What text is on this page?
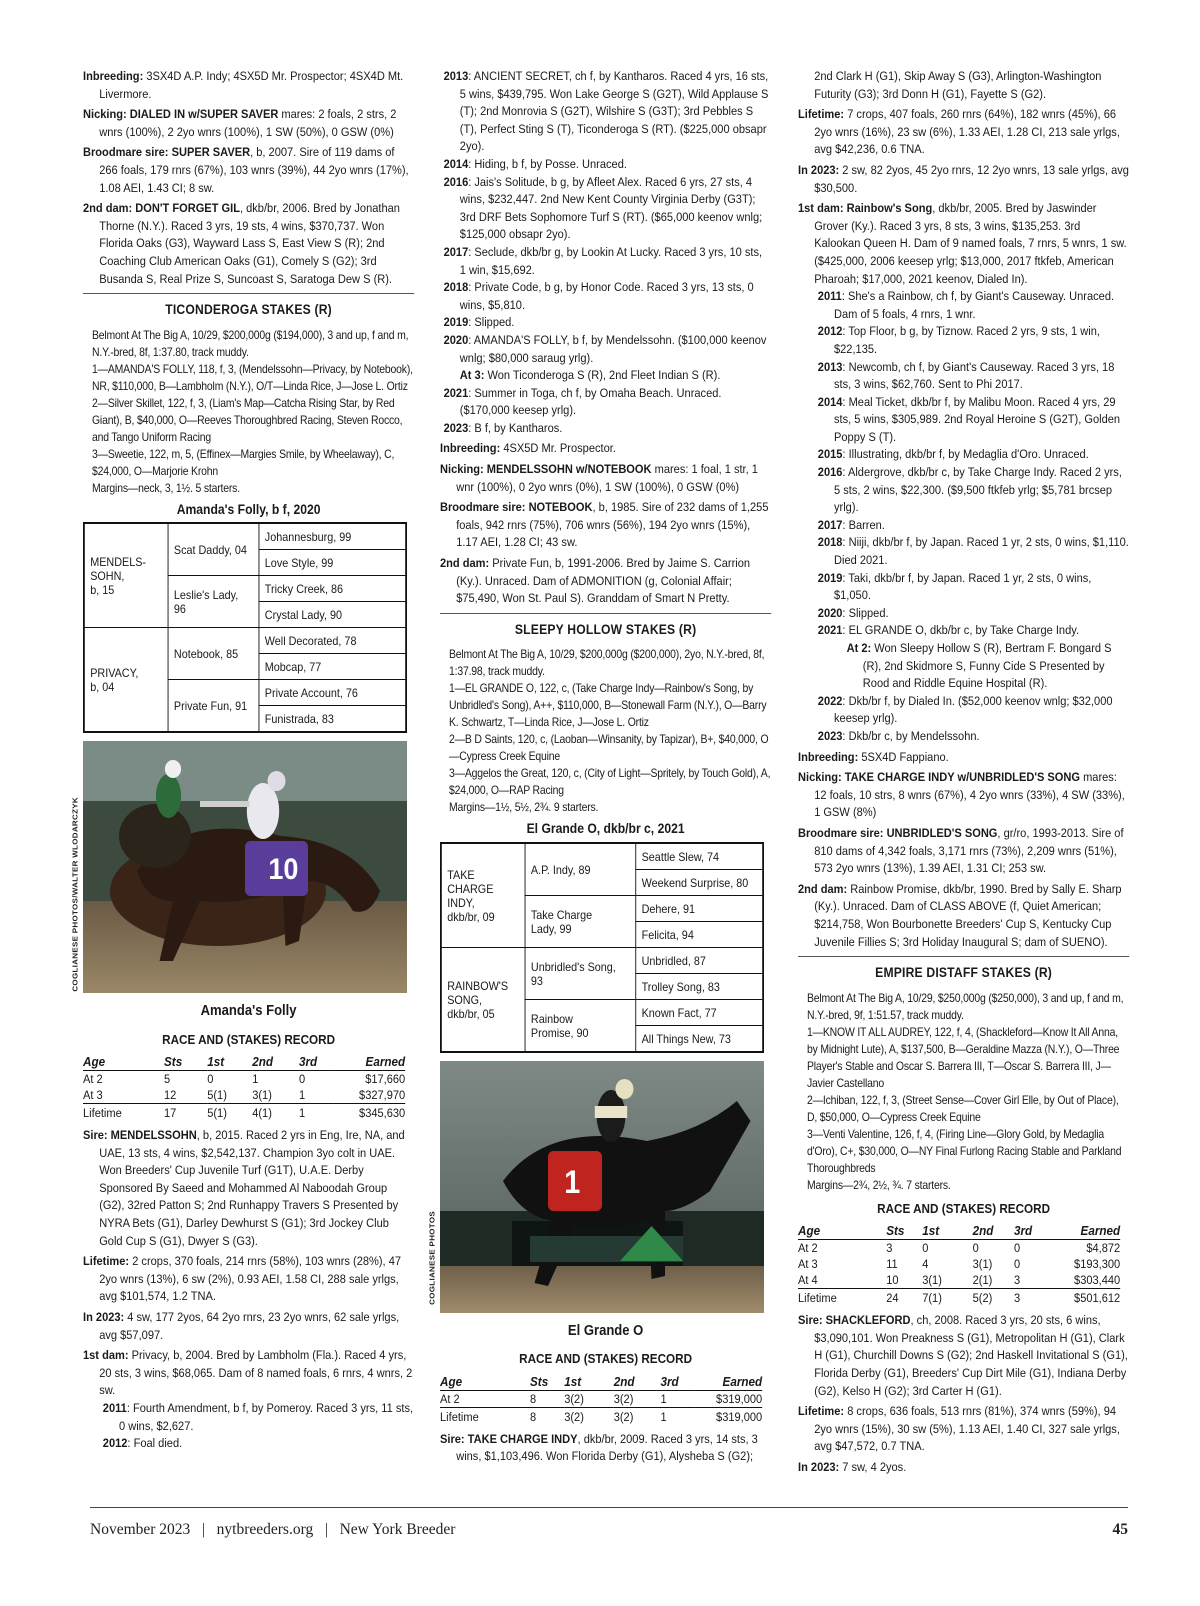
Inbreeding: 3SX4D A.P. Indy; 4SX5D Mr. Prospector; 4SX4D Mt. Livermore.

Nicking: DIALED IN w/SUPER SAVER mares: 2 foals, 2 strs, 2 wnrs (100%), 2 2yo wnrs (100%), 1 SW (50%), 0 GSW (0%)

Broodmare sire: SUPER SAVER, b, 2007. Sire of 119 dams of 266 foals, 179 rnrs (67%), 103 wnrs (39%), 44 2yo wnrs (17%), 1.08 AEI, 1.43 CI; 8 sw.

2nd dam: DON'T FORGET GIL, dkb/br, 2006. Bred by Jonathan Thorne (N.Y.). Raced 3 yrs, 19 sts, 4 wins, $370,737. Won Florida Oaks (G3), Wayward Lass S, East View S (R); 2nd Coaching Club American Oaks (G1), Comely S (G2); 3rd Busanda S, Real Prize S, Suncoast S, Saratoga Dew S (R).

TICONDEROGA STAKES (R)

Belmont At The Big A, 10/29, $200,000g ($194,000), 3 and up, f and m, N.Y.-bred, 8f, 1:37.80, track muddy.

1—AMANDA'S FOLLY, 118, f, 3, (Mendelssohn—Privacy, by Notebook), NR, $110,000, B—Lambholm (N.Y.), O/T—Linda Rice, J—Jose L. Ortiz

2—Silver Skillet, 122, f, 3, (Liam's Map—Catcha Rising Star, by Red Giant), B, $40,000, O—Reeves Thoroughbred Racing, Steven Rocco, and Tango Uniform Racing

3—Sweetie, 122, m, 5, (Effinex—Margies Smile, by Wheelaway), C, $24,000, O—Marjorie Krohn

Margins—neck, 3, 1½. 5 starters.

Amanda's Folly, b f, 2020
MENDELS-
SOHN,
b, 15	Scat Daddy, 04	Johannesburg, 99
		Love Style, 99
	Leslie's Lady, 96	Tricky Creek, 86
		Crystal Lady, 90
PRIVACY,
b, 04	Notebook, 85	Well Decorated, 78
		Mobcap, 77
	Private Fun, 91	Private Account, 76
		Funistrada, 83
COGLIANESE PHOTOS/WALTER WLODARCZYK	10
Amanda's Folly
RACE AND (STAKES) RECORD
Age	Sts	1st	2nd	3rd	Earned
At 2	5	0	1	0	$17,660
At 3	12	5(1)	3(1)	1	$327,970
Lifetime	17	5(1)	4(1)	1	$345,630

Sire: MENDELSSOHN, b, 2015. Raced 2 yrs in Eng, Ire, NA, and UAE, 13 sts, 4 wins, $2,542,137. Champion 3yo colt in UAE. Won Breeders' Cup Juvenile Turf (G1T), U.A.E. Derby Sponsored By Saeed and Mohammed Al Naboodah Group (G2), 32red Patton S; 2nd Runhappy Travers S Presented by NYRA Bets (G1), Darley Dewhurst S (G1); 3rd Jockey Club Gold Cup S (G1), Dwyer S (G3).

Lifetime: 2 crops, 370 foals, 214 rnrs (58%), 103 wnrs (28%), 47 2yo wnrs (13%), 6 sw (2%), 0.93 AEI, 1.58 CI, 288 sale yrlgs, avg $101,574, 1.2 TNA.

In 2023: 4 sw, 177 2yos, 64 2yo rnrs, 23 2yo wnrs, 62 sale yrlgs, avg $57,097.

1st dam: Privacy, b, 2004. Bred by Lambholm (Fla.). Raced 4 yrs, 20 sts, 3 wins, $68,065. Dam of 8 named foals, 6 rnrs, 4 wnrs, 2 sw.

2011: Fourth Amendment, b f, by Pomeroy. Raced 3 yrs, 11 sts, 0 wins, $2,627.

2012: Foal died.

2013: ANCIENT SECRET, ch f, by Kantharos. Raced 4 yrs, 16 sts, 5 wins, $439,795. Won Lake George S (G2T), Wild Applause S (T); 2nd Monrovia S (G2T), Wilshire S (G3T); 3rd Pebbles S (T), Perfect Sting S (T), Ticonderoga S (RT). ($225,000 obsapr 2yo).

2014: Hiding, b f, by Posse. Unraced.

2016: Jais's Solitude, b g, by Afleet Alex. Raced 6 yrs, 27 sts, 4 wins, $232,447. 2nd New Kent County Virginia Derby (G3T); 3rd DRF Bets Sophomore Turf S (RT). ($65,000 keenov wnlg; $125,000 obsapr 2yo).

2017: Seclude, dkb/br g, by Lookin At Lucky. Raced 3 yrs, 10 sts, 1 win, $15,692.

2018: Private Code, b g, by Honor Code. Raced 3 yrs, 13 sts, 0 wins, $5,810.

2019: Slipped.

2020: AMANDA'S FOLLY, b f, by Mendelssohn. ($100,000 keenov wnlg; $80,000 saraug yrlg).

At 3: Won Ticonderoga S (R), 2nd Fleet Indian S (R).

2021: Summer in Toga, ch f, by Omaha Beach. Unraced. ($170,000 keesep yrlg).

2023: B f, by Kantharos.

Inbreeding: 4SX5D Mr. Prospector.

Nicking: MENDELSSOHN w/NOTEBOOK mares: 1 foal, 1 str, 1 wnr (100%), 0 2yo wnrs (0%), 1 SW (100%), 0 GSW (0%)

Broodmare sire: NOTEBOOK, b, 1985. Sire of 232 dams of 1,255 foals, 942 rnrs (75%), 706 wnrs (56%), 194 2yo wnrs (15%), 1.17 AEI, 1.28 CI; 43 sw.

2nd dam: Private Fun, b, 1991-2006. Bred by Jaime S. Carrion (Ky.). Unraced. Dam of ADMONITION (g, Colonial Affair; $75,490, Won St. Paul S). Granddam of Smart N Pretty.

SLEEPY HOLLOW STAKES (R)

Belmont At The Big A, 10/29, $200,000g ($200,000), 2yo, N.Y.-bred, 8f, 1:37.98, track muddy.

1—EL GRANDE O, 122, c, (Take Charge Indy—Rainbow's Song, by Unbridled's Song), A++, $110,000, B—Stonewall Farm (N.Y.), O—Barry K. Schwartz, T—Linda Rice, J—Jose L. Ortiz

2—B D Saints, 120, c, (Laoban—Winsanity, by Tapizar), B+, $40,000, O—Cypress Creek Equine

3—Aggelos the Great, 120, c, (City of Light—Spritely, by Touch Gold), A, $24,000, O—RAP Racing

Margins—1½, 5½, 2¾. 9 starters.

El Grande O, dkb/br c, 2021
TAKE
CHARGE
INDY,
dkb/br, 09	A.P. Indy, 89	Seattle Slew, 74
		Weekend Surprise, 80
	Take Charge
Lady, 99	Dehere, 91
		Felicita, 94
RAINBOW'S
SONG,
dkb/br, 05	Unbridled's Song, 93	Unbridled, 87
		Trolley Song, 83
	Rainbow
Promise, 90	Known Fact, 77
		All Things New, 73
COGLIANESE PHOTOS
1
El Grande O
RACE AND (STAKES) RECORD
Age	Sts	1st	2nd	3rd	Earned
At 2	8	3(2)	3(2)	1	$319,000
Lifetime	8	3(2)	3(2)	1	$319,000

Sire: TAKE CHARGE INDY, dkb/br, 2009. Raced 3 yrs, 14 sts, 3 wins, $1,103,496. Won Florida Derby (G1), Alysheba S (G2);

2nd Clark H (G1), Skip Away S (G3), Arlington-Washington Futurity (G3); 3rd Donn H (G1), Fayette S (G2).

Lifetime: 7 crops, 407 foals, 260 rnrs (64%), 182 wnrs (45%), 66 2yo wnrs (16%), 23 sw (6%), 1.33 AEI, 1.28 CI, 213 sale yrlgs, avg $42,236, 0.6 TNA.

In 2023: 2 sw, 82 2yos, 45 2yo rnrs, 12 2yo wnrs, 13 sale yrlgs, avg $30,500.

1st dam: Rainbow's Song, dkb/br, 2005. Bred by Jaswinder Grover (Ky.). Raced 3 yrs, 8 sts, 3 wins, $135,253. 3rd Kalookan Queen H. Dam of 9 named foals, 7 rnrs, 5 wnrs, 1 sw. ($425,000, 2006 keesep yrlg; $13,000, 2017 ftkfeb, American Pharoah; $17,000, 2021 keenov, Dialed In).

2011: She's a Rainbow, ch f, by Giant's Causeway. Unraced. Dam of 5 foals, 4 rnrs, 1 wnr.

2012: Top Floor, b g, by Tiznow. Raced 2 yrs, 9 sts, 1 win, $22,135.

2013: Newcomb, ch f, by Giant's Causeway. Raced 3 yrs, 18 sts, 3 wins, $62,760. Sent to Phi 2017.

2014: Meal Ticket, dkb/br f, by Malibu Moon. Raced 4 yrs, 29 sts, 5 wins, $305,989. 2nd Royal Heroine S (G2T), Golden Poppy S (T).

2015: Illustrating, dkb/br f, by Medaglia d'Oro. Unraced.

2016: Aldergrove, dkb/br c, by Take Charge Indy. Raced 2 yrs, 5 sts, 2 wins, $22,300. ($9,500 ftkfeb yrlg; $5,781 brcsep yrlg).

2017: Barren.

2018: Niiji, dkb/br f, by Japan. Raced 1 yr, 2 sts, 0 wins, $1,110. Died 2021.

2019: Taki, dkb/br f, by Japan. Raced 1 yr, 2 sts, 0 wins, $1,050.

2020: Slipped.

2021: EL GRANDE O, dkb/br c, by Take Charge Indy.

At 2: Won Sleepy Hollow S (R), Bertram F. Bongard S (R), 2nd Skidmore S, Funny Cide S Presented by Rood and Riddle Equine Hospital (R).

2022: Dkb/br f, by Dialed In. ($52,000 keenov wnlg; $32,000 keesep yrlg).

2023: Dkb/br c, by Mendelssohn.

Inbreeding: 5SX4D Fappiano.

Nicking: TAKE CHARGE INDY w/UNBRIDLED'S SONG mares: 12 foals, 10 strs, 8 wnrs (67%), 4 2yo wnrs (33%), 4 SW (33%), 1 GSW (8%)

Broodmare sire: UNBRIDLED'S SONG, gr/ro, 1993-2013. Sire of 810 dams of 4,342 foals, 3,171 rnrs (73%), 2,209 wnrs (51%), 573 2yo wnrs (13%), 1.39 AEI, 1.31 CI; 253 sw.

2nd dam: Rainbow Promise, dkb/br, 1990. Bred by Sally E. Sharp (Ky.). Unraced. Dam of CLASS ABOVE (f, Quiet American; $214,758, Won Bourbonette Breeders' Cup S, Kentucky Cup Juvenile Fillies S; 3rd Holiday Inaugural S; dam of SUENO).

EMPIRE DISTAFF STAKES (R)

Belmont At The Big A, 10/29, $250,000g ($250,000), 3 and up, f and m, N.Y.-bred, 9f, 1:51.57, track muddy.

1—KNOW IT ALL AUDREY, 122, f, 4, (Shackleford—Know It All Anna, by Midnight Lute), A, $137,500, B—Geraldine Mazza (N.Y.), O—Three Player's Stable and Oscar S. Barrera III, T—Oscar S. Barrera III, J—Javier Castellano

2—Ichiban, 122, f, 3, (Street Sense—Cover Girl Elle, by Out of Place), D, $50,000, O—Cypress Creek Equine

3—Venti Valentine, 126, f, 4, (Firing Line—Glory Gold, by Medaglia d'Oro), C+, $30,000, O—NY Final Furlong Racing Stable and Parkland Thoroughbreds

Margins—2¾, 2½, ¾. 7 starters.

RACE AND (STAKES) RECORD
Age	Sts	1st	2nd	3rd	Earned
At 2	3	0	0	0	$4,872
At 3	11	4	3(1)	0	$193,300
At 4	10	3(1)	2(1)	3	$303,440
Lifetime	24	7(1)	5(2)	3	$501,612

Sire: SHACKLEFORD, ch, 2008. Raced 3 yrs, 20 sts, 6 wins, $3,090,101. Won Preakness S (G1), Metropolitan H (G1), Clark H (G1), Churchill Downs S (G2); 2nd Haskell Invitational S (G1), Florida Derby (G1), Breeders' Cup Dirt Mile (G1), Indiana Derby (G2), Kelso H (G2); 3rd Carter H (G1).

Lifetime: 8 crops, 636 foals, 513 rnrs (81%), 374 wnrs (59%), 94 2yo wnrs (15%), 30 sw (5%), 1.13 AEI, 1.40 CI, 327 sale yrlgs, avg $47,572, 0.7 TNA.

In 2023: 7 sw, 4 2yos.

November 2023 | nytbreeders.org | New York Breeder	45
